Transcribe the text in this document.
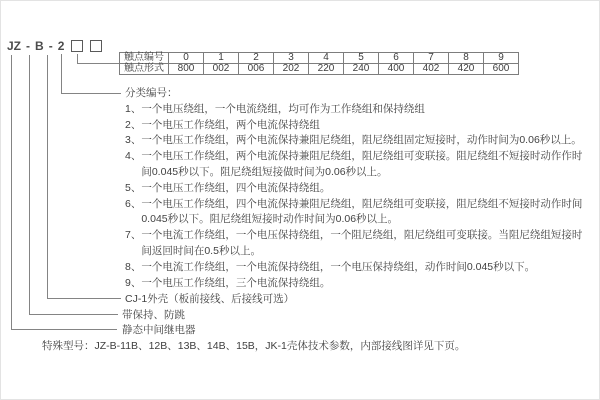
JZ - B - 2
触点编号	0	1	2	3	4	5	6	7	8	9
触点形式	800	002	006	202	220	240	400	402	420	600
分类编号：
1、 一个电压绕组，一个电流绕组，均可作为工作绕组和保持绕组
2、 一个电压工作绕组，两个电流保持绕组
3、 一个电压工作绕组，两个电流保持兼阻尼绕组，阻尼绕组固定短接时，动作时间为0.06秒以上。
4、 一个电压工作绕组，两个电流保持兼阻尼绕组，阻尼绕组可变联接。阻尼绕组不短接时动作作时
间0.045秒以下。阻尼绕组短接做时间为0.06秒以上。
5、 一个电压工作绕组，四个电流保持绕组。
6、 一个电压工作绕组，四个电流保持兼阻尼绕组，阻尼绕组可变联接，阻尼绕组不短接时动作时间
0.045秒以下。阻尼绕组短接时动作时间为0.06秒以上。
7、 一个电流工作绕组，一个电压保持绕组，一个阻尼绕组，阻尼绕组可变联接。当阻尼绕组短接时
间返回时间在0.5秒以上。
8、 一个电流工作绕组，一个电流保持绕组，一个电压保持绕组，动作时间0.045秒以下。
9、 一个电压工作绕组，三个电流保持绕组。
CJ-1外壳（板前接线、后接线可选）
带保持、防跳
静态中间继电器
特殊型号：JZ-B-11B、12B、13B、14B、15B，JK-1壳体技术参数，内部接线图详见下页。
